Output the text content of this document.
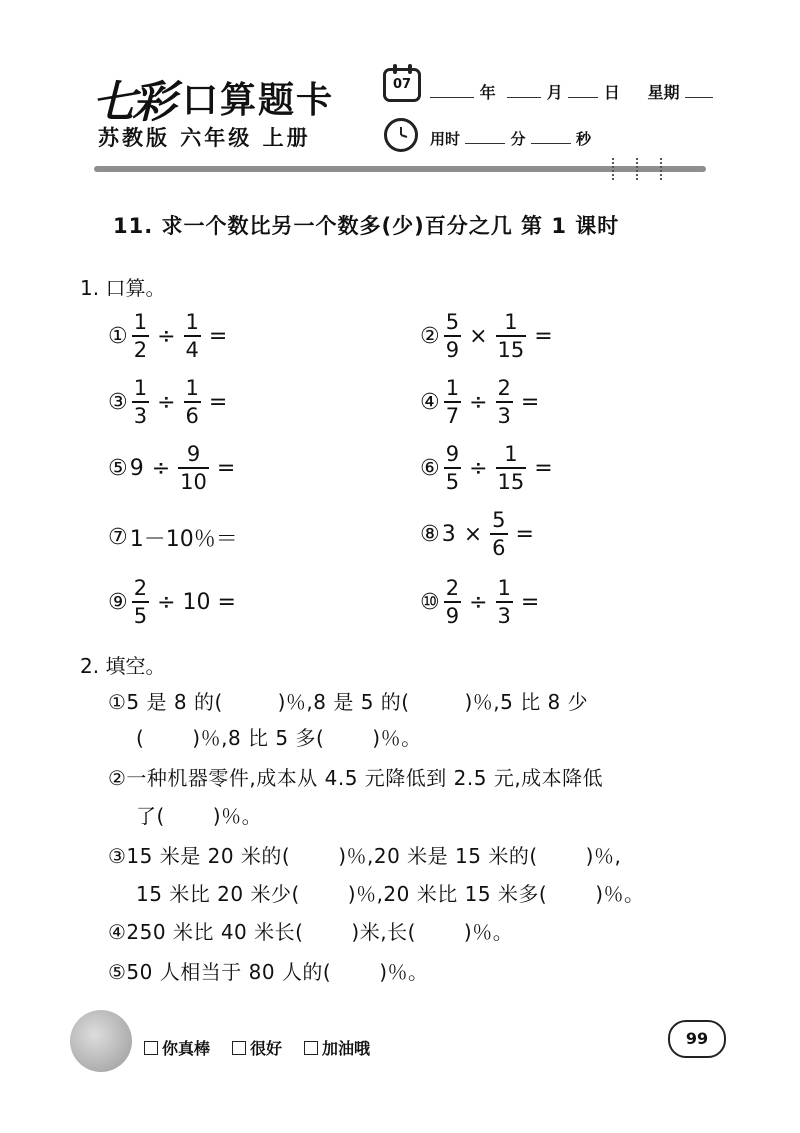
七彩 口算题卡
苏教版 六年级 上册
07	年	月	日 星期
用时	分	秒
11. 求一个数比另一个数多(少)百分之几 第 1 课时
1. 口算。
① $\frac{1}{2} \div \frac{1}{4}$ =	② $\frac{5}{9} \times \frac{1}{15}$ =
③ $\frac{1}{3} \div \frac{1}{6}$ =	④ $\frac{1}{7} \div \frac{2}{3}$ =
⑤ $9 \div \frac{9}{10}$ =	⑥ $\frac{9}{5} \div \frac{1}{15}$ =
⑦ 1－10％＝	⑧ $3 \times \frac{5}{6}$ =
⑨ $\frac{2}{5} \div 10$ =	⑩ $\frac{2}{9} \div \frac{1}{3}$ =
2. 填空。
①5 是 8 的(        )％,8 是 5 的(        )％,5 比 8 少
(       )％,8 比 5 多(       )％。
②一种机器零件,成本从 4.5 元降低到 2.5 元,成本降低
了(       )％。
③15 米是 20 米的(       )％,20 米是 15 米的(       )％,
15 米比 20 米少(       )％,20 米比 15 米多(       )％。
④250 米比 40 米长(       )米,长(       )％。
⑤50 人相当于 80 人的(       )％。
你真棒 很好 加油哦
99
